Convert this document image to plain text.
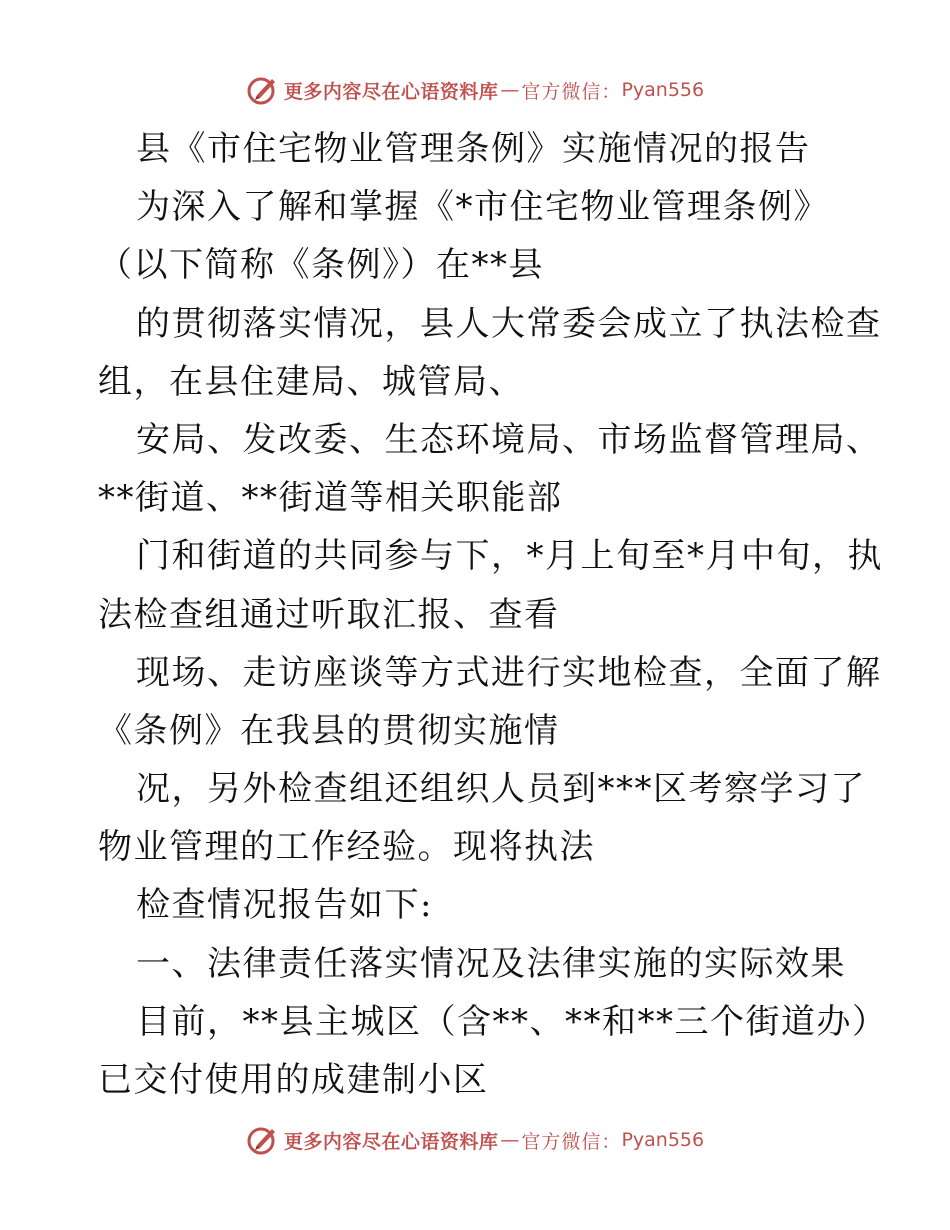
更多内容尽在心语资料库 — 官方微信： Pyan556
县《市住宅物业管理条例》实施情况的报告
为深入了解和掌握《*市住宅物业管理条例》
（以下简称《条例》）在**县
的贯彻落实情况，县人大常委会成立了执法检查
组，在县住建局、城管局、
安局、发改委、生态环境局、市场监督管理局、
**街道、**街道等相关职能部
门和街道的共同参与下，*月上旬至*月中旬，执
法检查组通过听取汇报、查看
现场、走访座谈等方式进行实地检查，全面了解
《条例》在我县的贯彻实施情
况，另外检查组还组织人员到***区考察学习了
物业管理的工作经验。现将执法
检查情况报告如下:
一、法律责任落实情况及法律实施的实际效果
目前，**县主城区（含**、**和**三个街道办）
已交付使用的成建制小区
更多内容尽在心语资料库 — 官方微信： Pyan556
